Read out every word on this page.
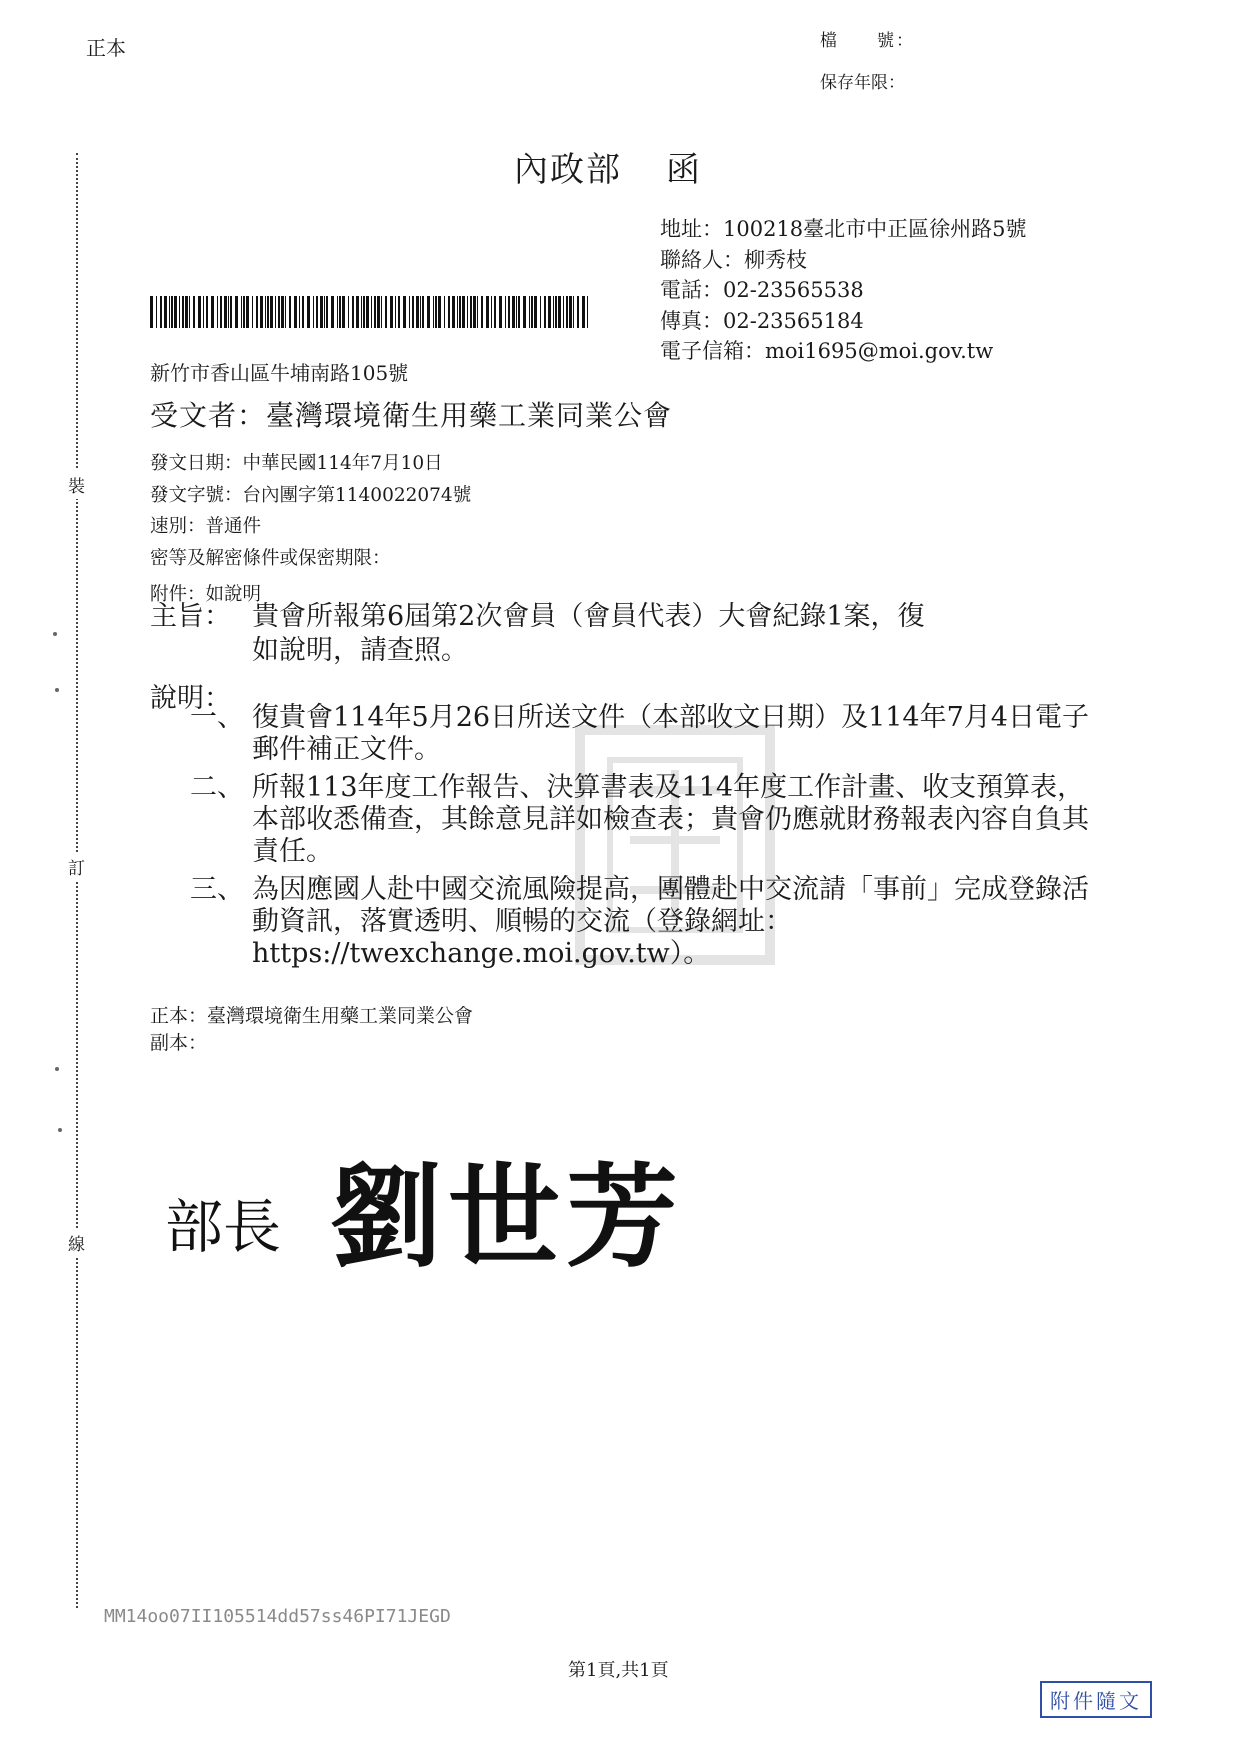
裝
訂
線
正本	檔　　號：
保存年限：
內政部 函
地址：100218臺北市中正區徐州路5號
聯絡人：柳秀枝
電話：02-23565538
傳真：02-23565184
電子信箱：moi1695@moi.gov.tw
新竹市香山區牛埔南路105號
受文者：臺灣環境衛生用藥工業同業公會
發文日期：中華民國114年7月10日
發文字號：台內團字第1140022074號
速別：普通件
密等及解密條件或保密期限：
附件：如說明
主旨： 貴會所報第6屆第2次會員（會員代表）大會紀錄1案，復
如說明，請查照。
說明：
一、 復貴會114年5月26日所送文件（本部收文日期）及114年7月4日電子郵件補正文件。
二、 所報113年度工作報告、決算書表及114年度工作計畫、收支預算表，本部收悉備查，其餘意見詳如檢查表；貴會仍應就財務報表內容自負其責任。
三、 為因應國人赴中國交流風險提高，團體赴中交流請「事前」完成登錄活動資訊，落實透明、順暢的交流（登錄網址：https://twexchange.moi.gov.tw）。
正本：臺灣環境衛生用藥工業同業公會
副本：
部長 劉世芳
MM14oo07II105514dd57ss46PI71JEGD
第1頁,共1頁
附件隨文
